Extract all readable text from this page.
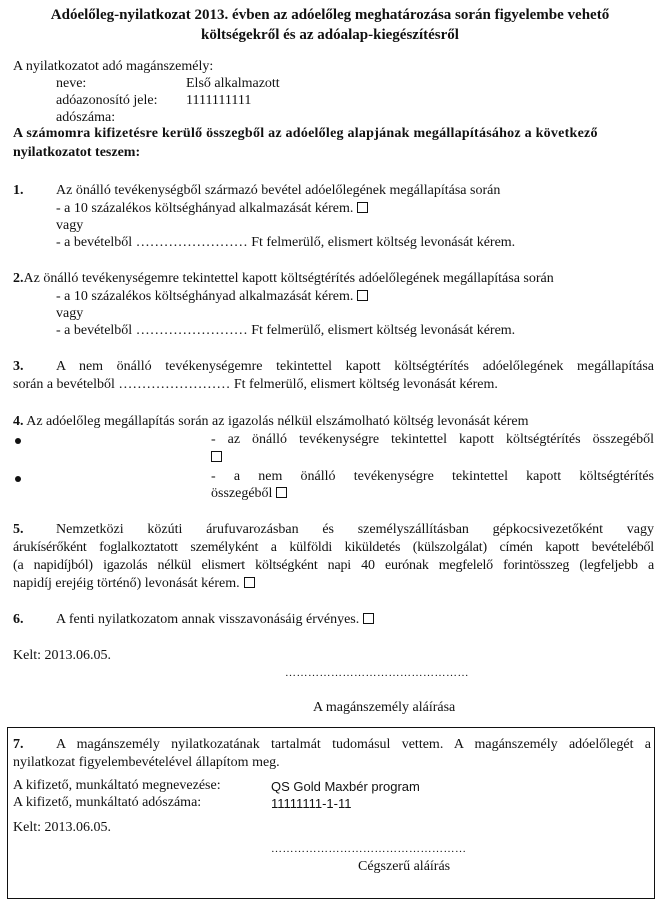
Adóelőleg-nyilatkozat 2013. évben az adóelőleg meghatározása során figyelembe vehető
költségekről és az adóalap-kiegészítésről
A nyilatkozatot adó magánszemély:
neve:	Első alkalmazott
adóazonosító jele: 1111111111
adószáma:
A számomra kifizetésre kerülő összegből az adóelőleg alapjának megállapításához a következő
nyilatkozatot teszem:
1. Az önálló tevékenységből származó bevétel adóelőlegének megállapítása során
- a 10 százalékos költséghányad alkalmazását kérem.
vagy
- a bevételből …………………… Ft felmerülő, elismert költség levonását kérem.
2.Az önálló tevékenységemre tekintettel kapott költségtérítés adóelőlegének megállapítása során
- a 10 százalékos költséghányad alkalmazását kérem.
vagy
- a bevételből …………………… Ft felmerülő, elismert költség levonását kérem.
3. A nem önálló tevékenységemre tekintettel kapott költségtérítés adóelőlegének megállapítása
során a bevételből …………………… Ft felmerülő, elismert költség levonását kérem.
4. Az adóelőleg megállapítás során az igazolás nélkül elszámolható költség levonását kérem
- az önálló tevékenységre tekintettel kapott költségtérítés összegéből
- a nem önálló tevékenységre tekintettel kapott költségtérítés
összegéből
5. Nemzetközi közúti árufuvarozásban és személyszállításban gépkocsivezetőként vagy
árukísérőként foglalkoztatott személyként a külföldi kiküldetés (külszolgálat) címén kapott bevételéből
(a napidíjból) igazolás nélkül elismert költségként napi 40 eurónak megfelelő forintösszeg (legfeljebb a
napidíj erejéig történő) levonását kérem.
6. A fenti nyilatkozatom annak visszavonásáig érvényes.
Kelt: 2013.06.05.
…………………………………………
A magánszemély aláírása
7. A magánszemély nyilatkozatának tartalmát tudomásul vettem. A magánszemély adóelőlegét a
nyilatkozat figyelembevételével állapítom meg.
A kifizető, munkáltató megnevezése:	QS Gold Maxbér program
A kifizető, munkáltató adószáma:	11111111-1-11
Kelt: 2013.06.05.
……………………………………………
Cégszerű aláírás
